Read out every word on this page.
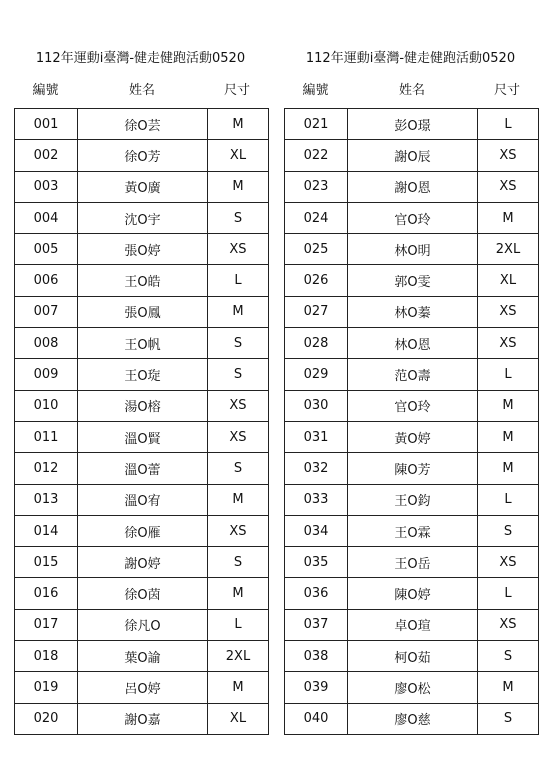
112年運動i臺灣-健走健跑活動0520
編號	姓名	尺寸
001	徐O芸	M
002	徐O芳	XL
003	黃O廣	M
004	沈O宇	S
005	張O婷	XS
006	王O皓	L
007	張O鳳	M
008	王O帆	S
009	王O琁	S
010	湯O榕	XS
011	溫O賢	XS
012	溫O蕾	S
013	溫O宥	M
014	徐O雁	XS
015	謝O婷	S
016	徐O茵	M
017	徐凡O	L
018	葉O諭	2XL
019	呂O婷	M
020	謝O嘉	XL
112年運動i臺灣-健走健跑活動0520
編號	姓名	尺寸
021	彭O璟	L
022	謝O辰	XS
023	謝O恩	XS
024	官O玲	M
025	林O明	2XL
026	郭O雯	XL
027	林O蓁	XS
028	林O恩	XS
029	范O壽	L
030	官O玲	M
031	黃O婷	M
032	陳O芳	M
033	王O鈞	L
034	王O霖	S
035	王O岳	XS
036	陳O婷	L
037	卓O瑄	XS
038	柯O茹	S
039	廖O松	M
040	廖O慈	S
